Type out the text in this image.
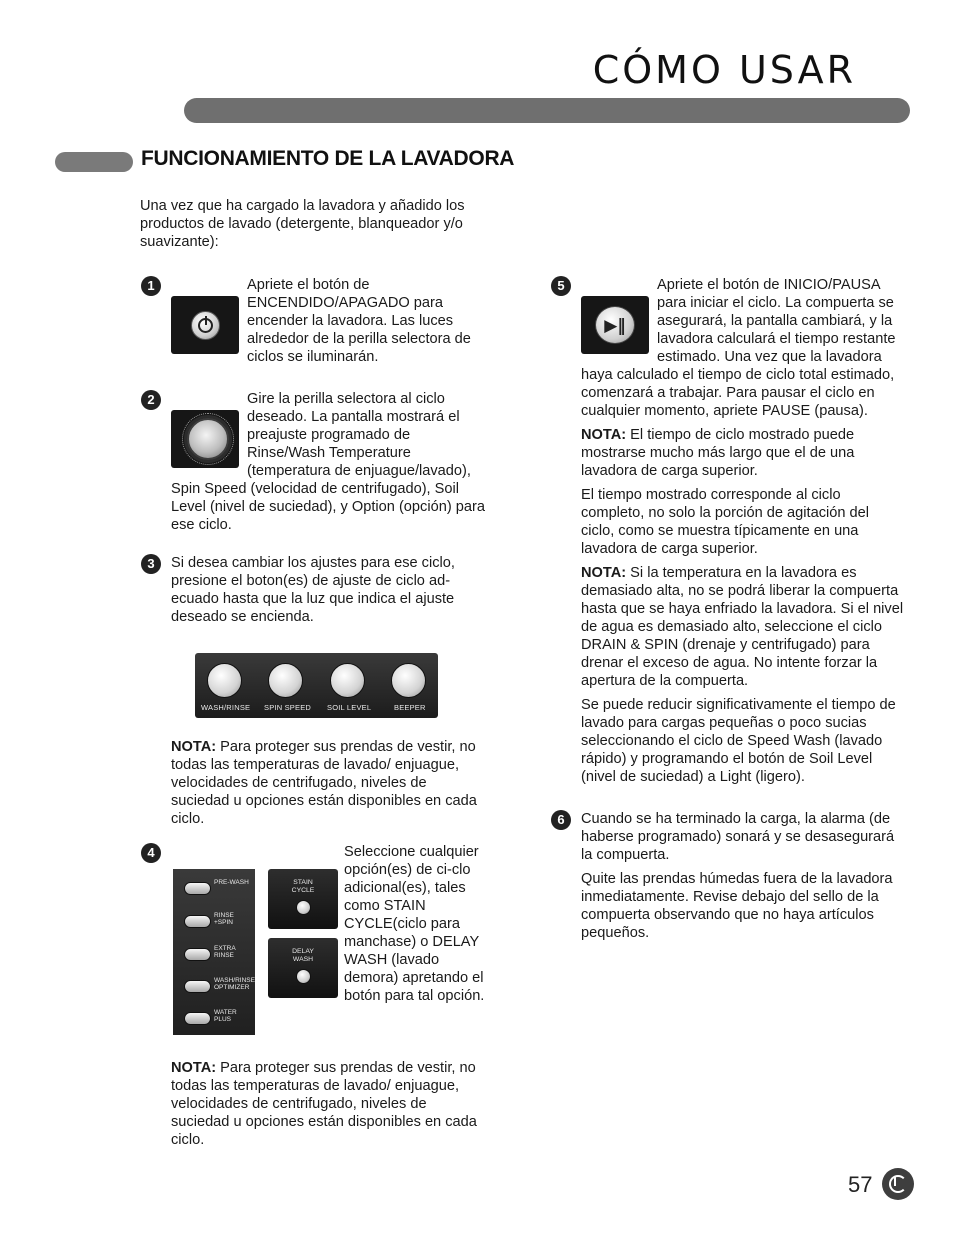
CÓMO USAR
FUNCIONAMIENTO DE LA LAVADORA

Una vez que ha cargado la lavadora y añadido los productos de lavado (detergente, blanqueador y/o suavizante):

1	Apriete el botón de ENCENDIDO/APAGADO para encender la lavadora. Las luces alrededor de la perilla selectora de ciclos se iluminarán.

2	Gire la perilla selectora al ciclo deseado. La pantalla mostrará el preajuste programado de Rinse/Wash Temperature (temperatura de enjuague/lavado), Spin Speed (velocidad de centrifugado), Soil Level (nivel de suciedad), y Option (opción) para ese ciclo.

3	Si desea cambiar los ajustes para ese ciclo, presione el boton(es) de ajuste de ciclo ad-ecuado hasta que la luz que indica el ajuste deseado se encienda.

WASH/RINSE SPIN SPEED SOIL LEVEL	BEEPER

NOTA: Para proteger sus prendas de vestir, no todas las temperaturas de lavado/ enjuague, velocidades de centrifugado, niveles de suciedad u opciones están disponibles en cada ciclo.

4	Seleccione cualquier opción(es) de ci-clo adicional(es), tales como STAIN CYCLE(ciclo para manchase) o DELAY WASH (lavado demora) apretando el botón para tal opción.

PRE-WASH
RINSE
+SPIN
EXTRA
RINSE
WASH/RINSE
OPTIMIZER
WATER
PLUS
STAIN
CYCLE
DELAY
WASH

NOTA: Para proteger sus prendas de vestir, no todas las temperaturas de lavado/ enjuague, velocidades de centrifugado, niveles de suciedad u opciones están disponibles en cada ciclo.

5
▶‖

Apriete el botón de INICIO/PAUSA para iniciar el ciclo. La compuerta se asegurará, la pantalla cambiará, y la lavadora calculará el tiempo restante estimado. Una vez que la lavadora haya calculado el tiempo de ciclo total estimado, comenzará a trabajar. Para pausar el ciclo en cualquier momento, apriete PAUSE (pausa).

NOTA: El tiempo de ciclo mostrado puede mostrarse mucho más largo que el de una lavadora de carga superior.

El tiempo mostrado corresponde al ciclo completo, no solo la porción de agitación del ciclo, como se muestra típicamente en una lavadora de carga superior.

NOTA: Si la temperatura en la lavadora es demasiado alta, no se podrá liberar la compuerta hasta que se haya enfriado la lavadora. Si el nivel de agua es demasiado alto, seleccione el ciclo DRAIN & SPIN (drenaje y centrifugado) para drenar el exceso de agua. No intente forzar la apertura de la compuerta.

Se puede reducir significativamente el tiempo de lavado para cargas pequeñas o poco sucias seleccionando el ciclo de Speed Wash (lavado rápido) y programando el botón de Soil Level (nivel de suciedad) a Light (ligero).

6	Cuando se ha terminado la carga, la alarma (de haberse programado) sonará y se desasegurará la compuerta.

Quite las prendas húmedas fuera de la lavadora inmediatamente. Revise debajo del sello de la compuerta observando que no haya artículos pequeños.

57
